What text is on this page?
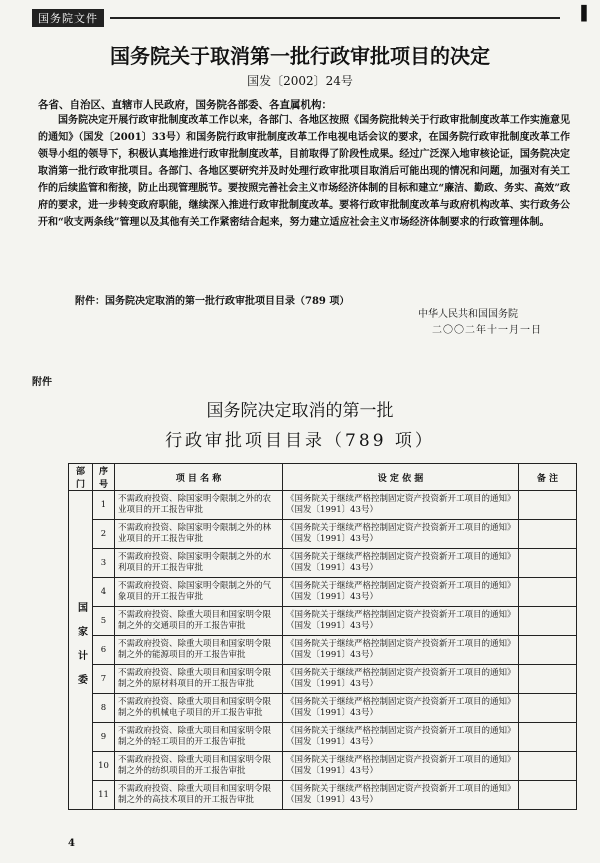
国务院文件	▌
国务院关于取消第一批行政审批项目的决定
国发〔2002〕24号
各省、自治区、直辖市人民政府，国务院各部委、各直属机构：

国务院决定开展行政审批制度改革工作以来，各部门、各地区按照《国务院批转关于行政审批制度改革工作实施意见的通知》（国发〔2001〕33号）和国务院行政审批制度改革工作电视电话会议的要求，在国务院行政审批制度改革工作领导小组的领导下，积极认真地推进行政审批制度改革，目前取得了阶段性成果。经过广泛深入地审核论证，国务院决定取消第一批行政审批项目。各部门、各地区要研究并及时处理行政审批项目取消后可能出现的情况和问题，加强对有关工作的后续监管和衔接，防止出现管理脱节。要按照完善社会主义市场经济体制的目标和建立“廉洁、勤政、务实、高效”政府的要求，进一步转变政府职能，继续深入推进行政审批制度改革。要将行政审批制度改革与政府机构改革、实行政务公开和“收支两条线”管理以及其他有关工作紧密结合起来，努力建立适应社会主义市场经济体制要求的行政管理体制。

附件：国务院决定取消的第一批行政审批项目目录（789 项）
中华人民共和国国务院
二〇〇二年十一月一日
附件
国务院决定取消的第一批
行政审批项目目录（789 项）
部门	序号	项 目 名 称	设 定 依 据	备 注
国家计委	1	不需政府投资、除国家明令限制之外的农业项目的开工报告审批	《国务院关于继续严格控制固定资产投资新开工项目的通知》（国发〔1991〕43号）	
	2	不需政府投资、除国家明令限制之外的林业项目的开工报告审批	《国务院关于继续严格控制固定资产投资新开工项目的通知》（国发〔1991〕43号）	
	3	不需政府投资、除国家明令限制之外的水利项目的开工报告审批	《国务院关于继续严格控制固定资产投资新开工项目的通知》（国发〔1991〕43号）	
	4	不需政府投资、除国家明令限制之外的气象项目的开工报告审批	《国务院关于继续严格控制固定资产投资新开工项目的通知》（国发〔1991〕43号）	
	5	不需政府投资、除重大项目和国家明令限制之外的交通项目的开工报告审批	《国务院关于继续严格控制固定资产投资新开工项目的通知》（国发〔1991〕43号）	
	6	不需政府投资、除重大项目和国家明令限制之外的能源项目的开工报告审批	《国务院关于继续严格控制固定资产投资新开工项目的通知》（国发〔1991〕43号）	
	7	不需政府投资、除重大项目和国家明令限制之外的原材料项目的开工报告审批	《国务院关于继续严格控制固定资产投资新开工项目的通知》（国发〔1991〕43号）	
	8	不需政府投资、除重大项目和国家明令限制之外的机械电子项目的开工报告审批	《国务院关于继续严格控制固定资产投资新开工项目的通知》（国发〔1991〕43号）	
	9	不需政府投资、除重大项目和国家明令限制之外的轻工项目的开工报告审批	《国务院关于继续严格控制固定资产投资新开工项目的通知》（国发〔1991〕43号）	
	10	不需政府投资、除重大项目和国家明令限制之外的纺织项目的开工报告审批	《国务院关于继续严格控制固定资产投资新开工项目的通知》（国发〔1991〕43号）	
	11	不需政府投资、除重大项目和国家明令限制之外的高技术项目的开工报告审批	《国务院关于继续严格控制固定资产投资新开工项目的通知》（国发〔1991〕43号）	
4
